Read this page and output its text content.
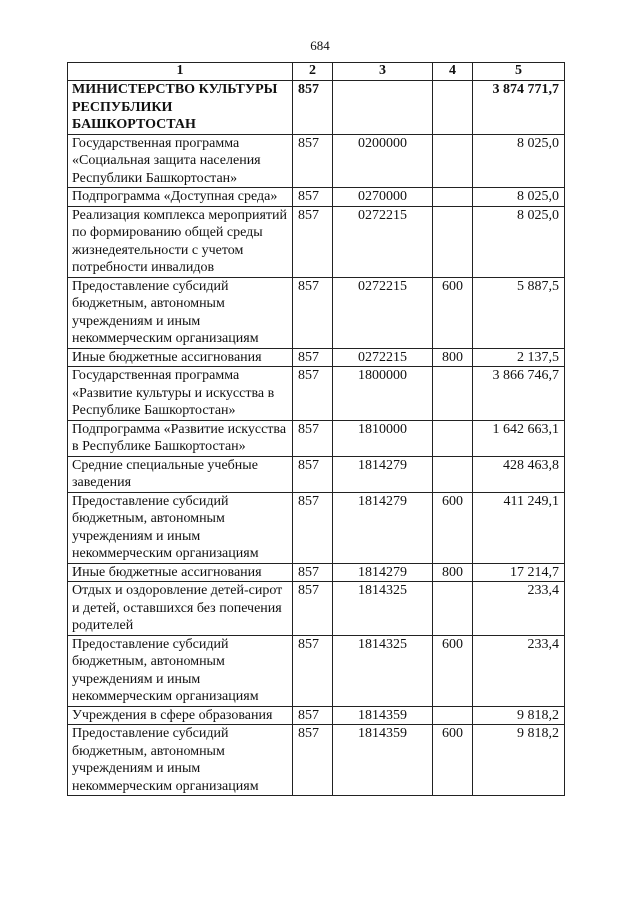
684
1	2	3	4	5
МИНИСТЕРСТВО КУЛЬТУРЫ РЕСПУБЛИКИ БАШКОРТОСТАН	857			3 874 771,7
Государственная программа «Социальная защита населения Республики Башкортостан»	857	0200000		8 025,0
Подпрограмма «Доступная среда»	857	0270000		8 025,0
Реализация комплекса мероприятий по формированию общей среды жизнедеятельности с учетом потребности инвалидов	857	0272215		8 025,0
Предоставление субсидий бюджетным, автономным учреждениям и иным некоммерческим организациям	857	0272215	600	5 887,5
Иные бюджетные ассигнования	857	0272215	800	2 137,5
Государственная программа «Развитие культуры и искусства в Республике Башкортостан»	857	1800000		3 866 746,7
Подпрограмма «Развитие искусства в Республике Башкортостан»	857	1810000		1 642 663,1
Средние специальные учебные заведения	857	1814279		428 463,8
Предоставление субсидий бюджетным, автономным учреждениям и иным некоммерческим организациям	857	1814279	600	411 249,1
Иные бюджетные ассигнования	857	1814279	800	17 214,7
Отдых и оздоровление детей-сирот и детей, оставшихся без попечения родителей	857	1814325		233,4
Предоставление субсидий бюджетным, автономным учреждениям и иным некоммерческим организациям	857	1814325	600	233,4
Учреждения в сфере образования	857	1814359		9 818,2
Предоставление субсидий бюджетным, автономным учреждениям и иным некоммерческим организациям	857	1814359	600	9 818,2
